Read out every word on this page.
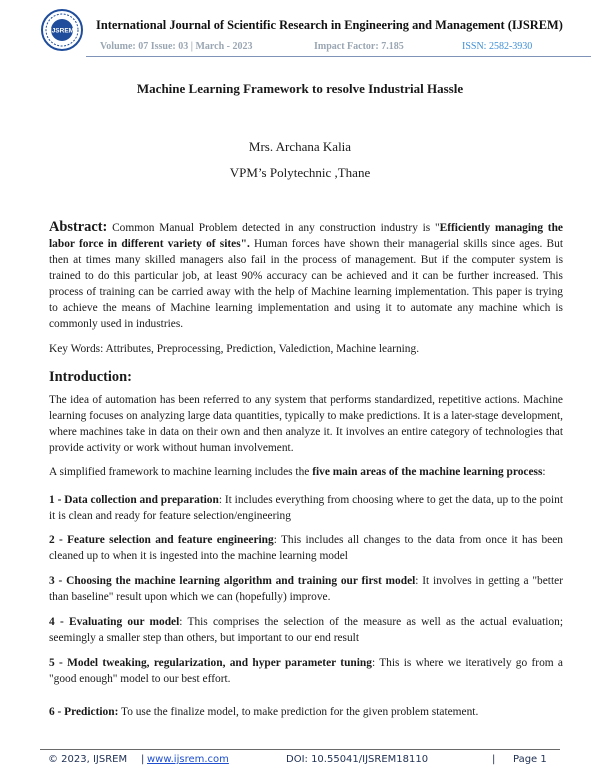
IJSREM International Journal of Scientific Research in Engineering and Management (IJSREM)
Volume: 07 Issue: 03 | March - 2023	Impact Factor: 7.185	ISSN: 2582-3930
Machine Learning Framework to resolve Industrial Hassle
Mrs. Archana Kalia
VPM’s Polytechnic ,Thane

Abstract: Common Manual Problem detected in any construction industry is "Efficiently managing the labor force in different variety of sites". Human forces have shown their managerial skills since ages. But then at times many skilled managers also fail in the process of management. But if the computer system is trained to do this particular job, at least 90% accuracy can be achieved and it can be further increased. This process of training can be carried away with the help of Machine learning implementation. This paper is trying to achieve the means of Machine learning implementation and using it to automate any machine which is commonly used in industries.

Key Words: Attributes, Preprocessing, Prediction, Valediction, Machine learning.

Introduction:

The idea of automation has been referred to any system that performs standardized, repetitive actions. Machine learning focuses on analyzing large data quantities, typically to make predictions. It is a later-stage development, where machines take in data on their own and then analyze it. It involves an entire category of technologies that provide activity or work without human involvement.

A simplified framework to machine learning includes the five main areas of the machine learning process:

1 - Data collection and preparation: It includes everything from choosing where to get the data, up to the point it is clean and ready for feature selection/engineering

2 - Feature selection and feature engineering: This includes all changes to the data from once it has been cleaned up to when it is ingested into the machine learning model

3 - Choosing the machine learning algorithm and training our first model: It involves in getting a "better than baseline" result upon which we can (hopefully) improve.

4 - Evaluating our model: This comprises the selection of the measure as well as the actual evaluation; seemingly a smaller step than others, but important to our end result

5 - Model tweaking, regularization, and hyper parameter tuning: This is where we iteratively go from a "good enough" model to our best effort.

6 - Prediction: To use the finalize model, to make prediction for the given problem statement.

© 2023, IJSREM | www.ijsrem.com	DOI: 10.55041/IJSREM18110	| Page 1
